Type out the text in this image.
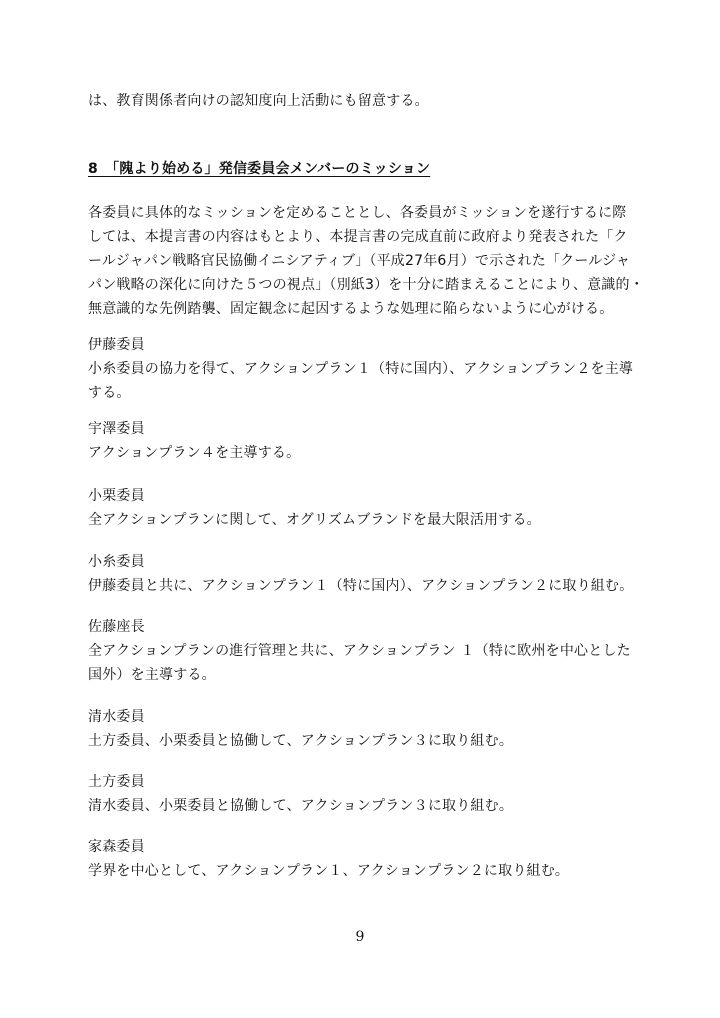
は、教育関係者向けの認知度向上活動にも留意する。
8　「隗より始める」発信委員会メンバーのミッション
各委員に具体的なミッションを定めることとし、各委員がミッションを遂行するに際
しては、本提言書の内容はもとより、本提言書の完成直前に政府より発表された「ク
ールジャパン戦略官民協働イニシアティブ」（平成27年6月）で示された「クールジャ
パン戦略の深化に向けた５つの視点」（別紙3）を十分に踏まえることにより、意識的・
無意識的な先例踏襲、固定観念に起因するような処理に陥らないように心がける。
伊藤委員
小糸委員の協力を得て、アクションプラン１（特に国内）、アクションプラン２を主導
する。
宇澤委員
アクションプラン４を主導する。
小栗委員
全アクションプランに関して、オグリズムブランドを最大限活用する。
小糸委員
伊藤委員と共に、アクションプラン１（特に国内）、アクションプラン２に取り組む。
佐藤座長
全アクションプランの進行管理と共に、アクションプラン １（特に欧州を中心とした
国外）を主導する。
清水委員
土方委員、小栗委員と協働して、アクションプラン３に取り組む。
土方委員
清水委員、小栗委員と協働して、アクションプラン３に取り組む。
家森委員
学界を中心として、アクションプラン１、アクションプラン２に取り組む。
9
